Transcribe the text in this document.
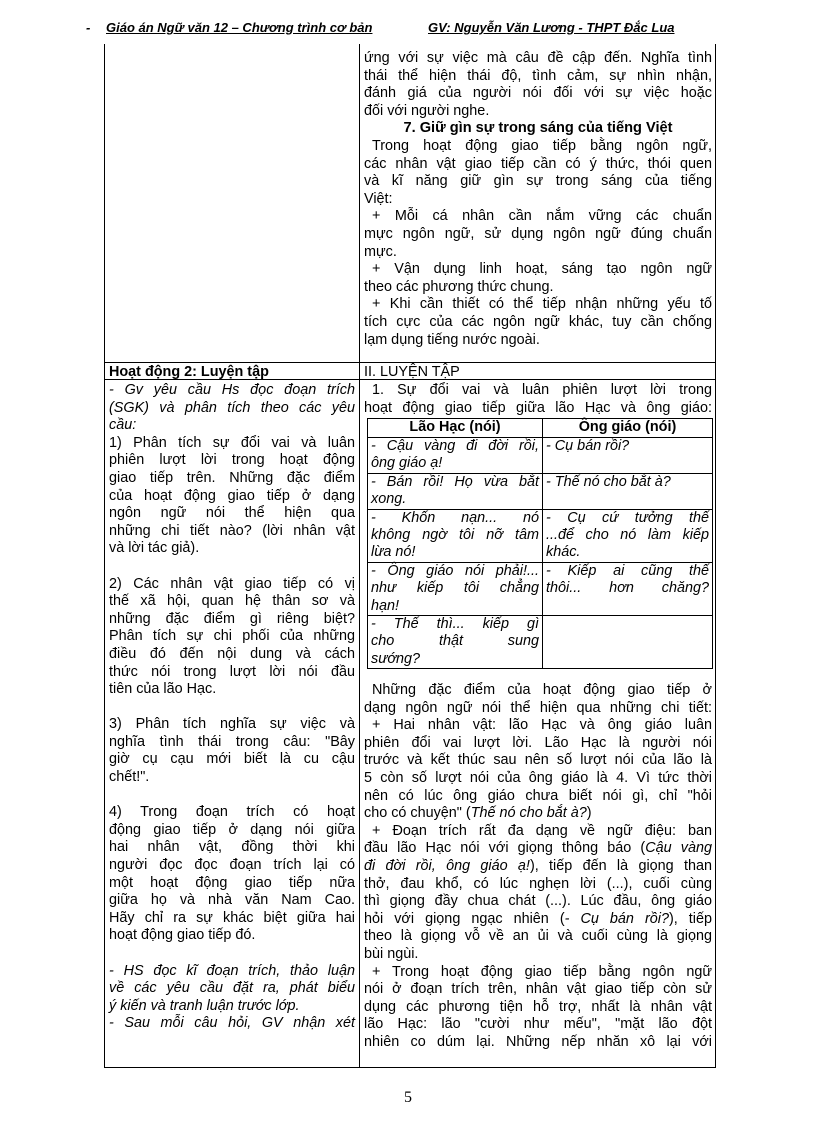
- Giáo án Ngữ văn 12 – Chương trình cơ bản	GV: Nguyễn Văn Lương - THPT Đắc Lua

ứng với sự việc mà câu đề cập đến. Nghĩa tình

thái thể hiện thái độ, tình cảm, sự nhìn nhận,

đánh giá của người nói đối với sự việc hoặc

đối với người nghe.

7. Giữ gìn sự trong sáng của tiếng Việt

Trong hoạt động giao tiếp bằng ngôn ngữ,

các nhân vật giao tiếp cần có ý thức, thói quen

và kĩ năng giữ gìn sự trong sáng của tiếng

Việt:

+ Mỗi cá nhân cần nắm vững các chuẩn

mực ngôn ngữ, sử dụng ngôn ngữ đúng chuẩn

mực.

+ Vận dụng linh hoạt, sáng tạo ngôn ngữ

theo các phương thức chung.

+ Khi cần thiết có thể tiếp nhận những yếu tố

tích cực của các ngôn ngữ khác, tuy cần chống

lạm dụng tiếng nước ngoài.

Hoạt động 2: Luyện tập	II. LUYỆN TẬP

- Gv yêu cầu Hs đọc đoạn trích

(SGK) và phân tích theo các yêu

cầu:

1) Phân tích sự đổi vai và luân

phiên lượt lời trong hoạt động

giao tiếp trên. Những đặc điểm

của hoạt động giao tiếp ở dạng

ngôn ngữ nói thể hiện qua

những chi tiết nào? (lời nhân vật

và lời tác giả).

2) Các nhân vật giao tiếp có vị

thế xã hội, quan hệ thân sơ và

những đặc điểm gì riêng biệt?

Phân tích sự chi phối của những

điều đó đến nội dung và cách

thức nói trong lượt lời nói đầu

tiên của lão Hạc.

3) Phân tích nghĩa sự việc và

nghĩa tình thái trong câu: "Bây

giờ cụ cạu mới biết là cu cậu

chết!".

4) Trong đoạn trích có hoạt

động giao tiếp ở dạng nói giữa

hai nhân vật, đồng thời khi

người đọc đọc đoạn trích lại có

một hoạt động giao tiếp nữa

giữa họ và nhà văn Nam Cao.

Hãy chỉ ra sự khác biệt giữa hai

hoạt động giao tiếp đó.

- HS đọc kĩ đoạn trích, thảo luận

về các yêu cầu đặt ra, phát biểu

ý kiến và tranh luận trước lớp.

- Sau mỗi câu hỏi, GV nhận xét

1. Sự đổi vai và luân phiên lượt lời trong

hoạt động giao tiếp giữa lão Hạc và ông giáo:

Lão Hạc (nói)	Ông giáo (nói)
- Cậu vàng đi đời rồi,
ông giáo ạ!	- Cụ bán rồi?

- Bán rồi! Họ vừa bắt
xong.	- Thế nó cho bắt à?

- Khốn nạn... nó
không ngờ tôi nỡ tâm
lừa nó!	- Cụ cứ tưởng thế
...để cho nó làm kiếp
khác.

- Ông giáo nói phải!...
như kiếp tôi chẳng
hạn!	- Kiếp ai cũng thế
thôi... hơn chăng?

- Thế thì... kiếp gì
cho thật sung
sướng?	

Những đặc điểm của hoạt động giao tiếp ở

dạng ngôn ngữ nói thể hiện qua những chi tiết:

+ Hai nhân vật: lão Hạc và ông giáo luân

phiên đổi vai lượt lời. Lão Hạc là người nói

trước và kết thúc sau nên số lượt nói của lão là

5 còn số lượt nói của ông giáo là 4. Vì tức thời

nên có lúc ông giáo chưa biết nói gì, chỉ "hỏi

cho có chuyện" (Thế nó cho bắt à?)

+ Đoạn trích rất đa dạng về ngữ điệu: ban

đầu lão Hạc nói với giọng thông báo (Cậu vàng

đi đời rồi, ông giáo ạ!), tiếp đến là giọng than

thở, đau khổ, có lúc nghẹn lời (...), cuối cùng

thì giọng đầy chua chát (...). Lúc đầu, ông giáo

hỏi với giọng ngạc nhiên (- Cụ bán rồi?), tiếp

theo là giọng vỗ về an ủi và cuối cùng là giọng

bùi ngùi.

+ Trong hoạt động giao tiếp bằng ngôn ngữ

nói ở đoạn trích trên, nhân vật giao tiếp còn sử

dụng các phương tiện hỗ trợ, nhất là nhân vật

lão Hạc: lão "cười như mếu", "mặt lão đột

nhiên co dúm lại. Những nếp nhăn xô lại với

5
